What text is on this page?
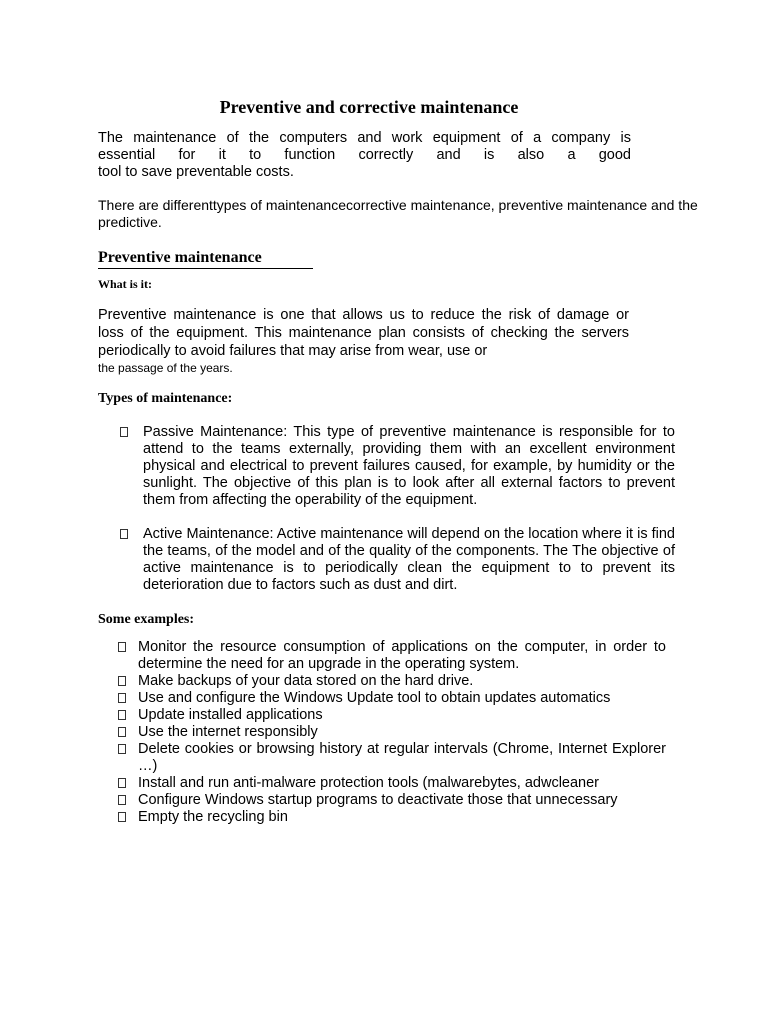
Preventive and corrective maintenance

The maintenance of the computers and work equipment of a company is
essential for it to function correctly and is also a good
tool to save preventable costs.

There are differenttypes of maintenancecorrective maintenance, preventive maintenance and the predictive.

Preventive maintenance

What is it:

Preventive maintenance is one that allows us to reduce the risk of damage or
loss of the equipment. This maintenance plan consists of checking the servers
periodically to avoid failures that may arise from wear, use or
the passage of the years.

Types of maintenance:

Passive Maintenance: This type of preventive maintenance is responsible for to attend to the teams externally, providing them with an excellent environment physical and electrical to prevent failures caused, for example, by humidity or the sunlight. The objective of this plan is to look after all external factors to prevent them from affecting the operability of the equipment.
Active Maintenance: Active maintenance will depend on the location where it is find the teams, of the model and of the quality of the components. The The objective of active maintenance is to periodically clean the equipment to to prevent its deterioration due to factors such as dust and dirt.

Some examples:

Monitor the resource consumption of applications on the computer, in order to determine the need for an upgrade in the operating system.
Make backups of your data stored on the hard drive.
Use and configure the Windows Update tool to obtain updates automatics
Update installed applications
Use the internet responsibly
Delete cookies or browsing history at regular intervals (Chrome, Internet Explorer …)
Install and run anti-malware protection tools (malwarebytes, adwcleaner
Configure Windows startup programs to deactivate those that unnecessary
Empty the recycling bin
